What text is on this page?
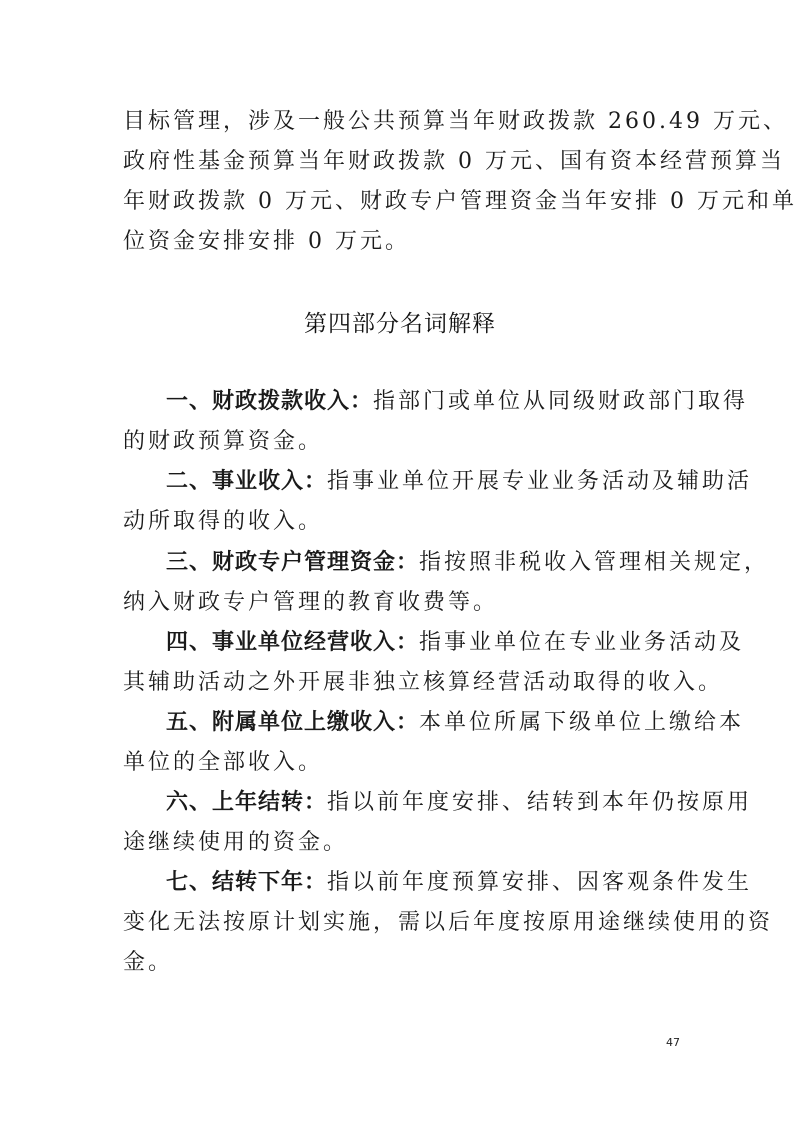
目标管理，涉及一般公共预算当年财政拨款 260.49 万元、
政府性基金预算当年财政拨款 0 万元、国有资本经营预算当
年财政拨款 0 万元、财政专户管理资金当年安排 0 万元和单
位资金安排安排 0 万元。
第四部分名词解释
一、财政拨款收入：指部门或单位从同级财政部门取得
的财政预算资金。
二、事业收入：指事业单位开展专业业务活动及辅助活
动所取得的收入。
三、财政专户管理资金：指按照非税收入管理相关规定，
纳入财政专户管理的教育收费等。
四、事业单位经营收入：指事业单位在专业业务活动及
其辅助活动之外开展非独立核算经营活动取得的收入。
五、附属单位上缴收入：本单位所属下级单位上缴给本
单位的全部收入。
六、上年结转：指以前年度安排、结转到本年仍按原用
途继续使用的资金。
七、结转下年：指以前年度预算安排、因客观条件发生
变化无法按原计划实施，需以后年度按原用途继续使用的资
金。
47
